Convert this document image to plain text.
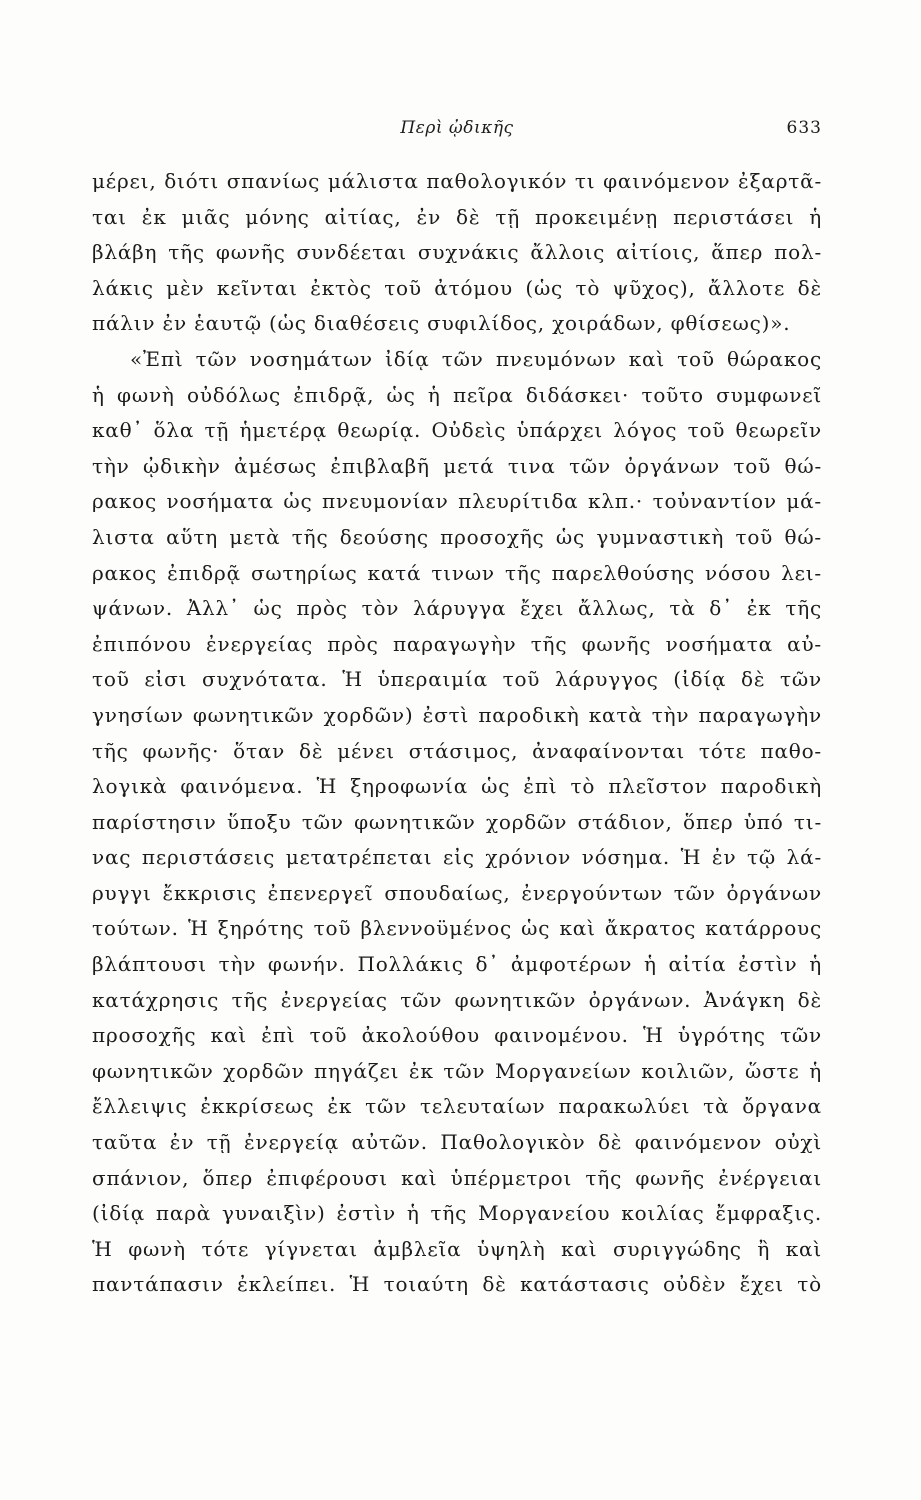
Περὶ ᾠδικῆς	633
μέρει, διότι σπανίως μάλιστα παθολογικόν τι φαινόμενον ἐξαρτᾶ-
ται ἐκ μιᾶς μόνης αἰτίας, ἐν δὲ τῇ προκειμένῃ περιστάσει ἡ
βλάβη τῆς φωνῆς συνδέεται συχνάκις ἄλλοις αἰτίοις, ἅπερ πολ-
λάκις μὲν κεῖνται ἐκτὸς τοῦ ἀτόμου (ὡς τὸ ψῦχος), ἄλλοτε δὲ
πάλιν ἐν ἑαυτῷ (ὡς διαθέσεις συφιλίδος, χοιράδων, φθίσεως)».
«Ἐπὶ τῶν νοσημάτων ἰδίᾳ τῶν πνευμόνων καὶ τοῦ θώρακος
ἡ φωνὴ οὐδόλως ἐπιδρᾷ, ὡς ἡ πεῖρα διδάσκει· τοῦτο συμφωνεῖ
καθ᾽ ὅλα τῇ ἡμετέρᾳ θεωρίᾳ. Οὐδεὶς ὑπάρχει λόγος τοῦ θεωρεῖν
τὴν ᾠδικὴν ἀμέσως ἐπιβλαβῆ μετά τινα τῶν ὀργάνων τοῦ θώ-
ρακος νοσήματα ὡς πνευμονίαν πλευρίτιδα κλπ.· τοὐναντίον μά-
λιστα αὕτη μετὰ τῆς δεούσης προσοχῆς ὡς γυμναστικὴ τοῦ θώ-
ρακος ἐπιδρᾷ σωτηρίως κατά τινων τῆς παρελθούσης νόσου λει-
ψάνων. Ἀλλ᾽ ὡς πρὸς τὸν λάρυγγα ἔχει ἄλλως, τὰ δ᾽ ἐκ τῆς
ἐπιπόνου ἐνεργείας πρὸς παραγωγὴν τῆς φωνῆς νοσήματα αὐ-
τοῦ εἰσι συχνότατα. Ἡ ὑπεραιμία τοῦ λάρυγγος (ἰδίᾳ δὲ τῶν
γνησίων φωνητικῶν χορδῶν) ἐστὶ παροδικὴ κατὰ τὴν παραγωγὴν
τῆς φωνῆς· ὅταν δὲ μένει στάσιμος, ἀναφαίνονται τότε παθο-
λογικὰ φαινόμενα. Ἡ ξηροφωνία ὡς ἐπὶ τὸ πλεῖστον παροδικὴ
παρίστησιν ὕποξυ τῶν φωνητικῶν χορδῶν στάδιον, ὅπερ ὑπό τι-
νας περιστάσεις μετατρέπεται εἰς χρόνιον νόσημα. Ἡ ἐν τῷ λά-
ρυγγι ἔκκρισις ἐπενεργεῖ σπουδαίως, ἐνεργούντων τῶν ὀργάνων
τούτων. Ἡ ξηρότης τοῦ βλεννοϋμένος ὡς καὶ ἄκρατος κατάρρους
βλάπτουσι τὴν φωνήν. Πολλάκις δ᾽ ἀμφοτέρων ἡ αἰτία ἐστὶν ἡ
κατάχρησις τῆς ἐνεργείας τῶν φωνητικῶν ὀργάνων. Ἀνάγκη δὲ
προσοχῆς καὶ ἐπὶ τοῦ ἀκολούθου φαινομένου. Ἡ ὑγρότης τῶν
φωνητικῶν χορδῶν πηγάζει ἐκ τῶν Μοργανείων κοιλιῶν, ὥστε ἡ
ἔλλειψις ἐκκρίσεως ἐκ τῶν τελευταίων παρακωλύει τὰ ὄργανα
ταῦτα ἐν τῇ ἐνεργείᾳ αὐτῶν. Παθολογικὸν δὲ φαινόμενον οὐχὶ
σπάνιον, ὅπερ ἐπιφέρουσι καὶ ὑπέρμετροι τῆς φωνῆς ἐνέργειαι
(ἰδίᾳ παρὰ γυναιξὶν) ἐστὶν ἡ τῆς Μοργανείου κοιλίας ἔμφραξις.
Ἡ φωνὴ τότε γίγνεται ἀμβλεῖα ὑψηλὴ καὶ συριγγώδης ἢ καὶ
παντάπασιν ἐκλείπει. Ἡ τοιαύτη δὲ κατάστασις οὐδὲν ἔχει τὸ
